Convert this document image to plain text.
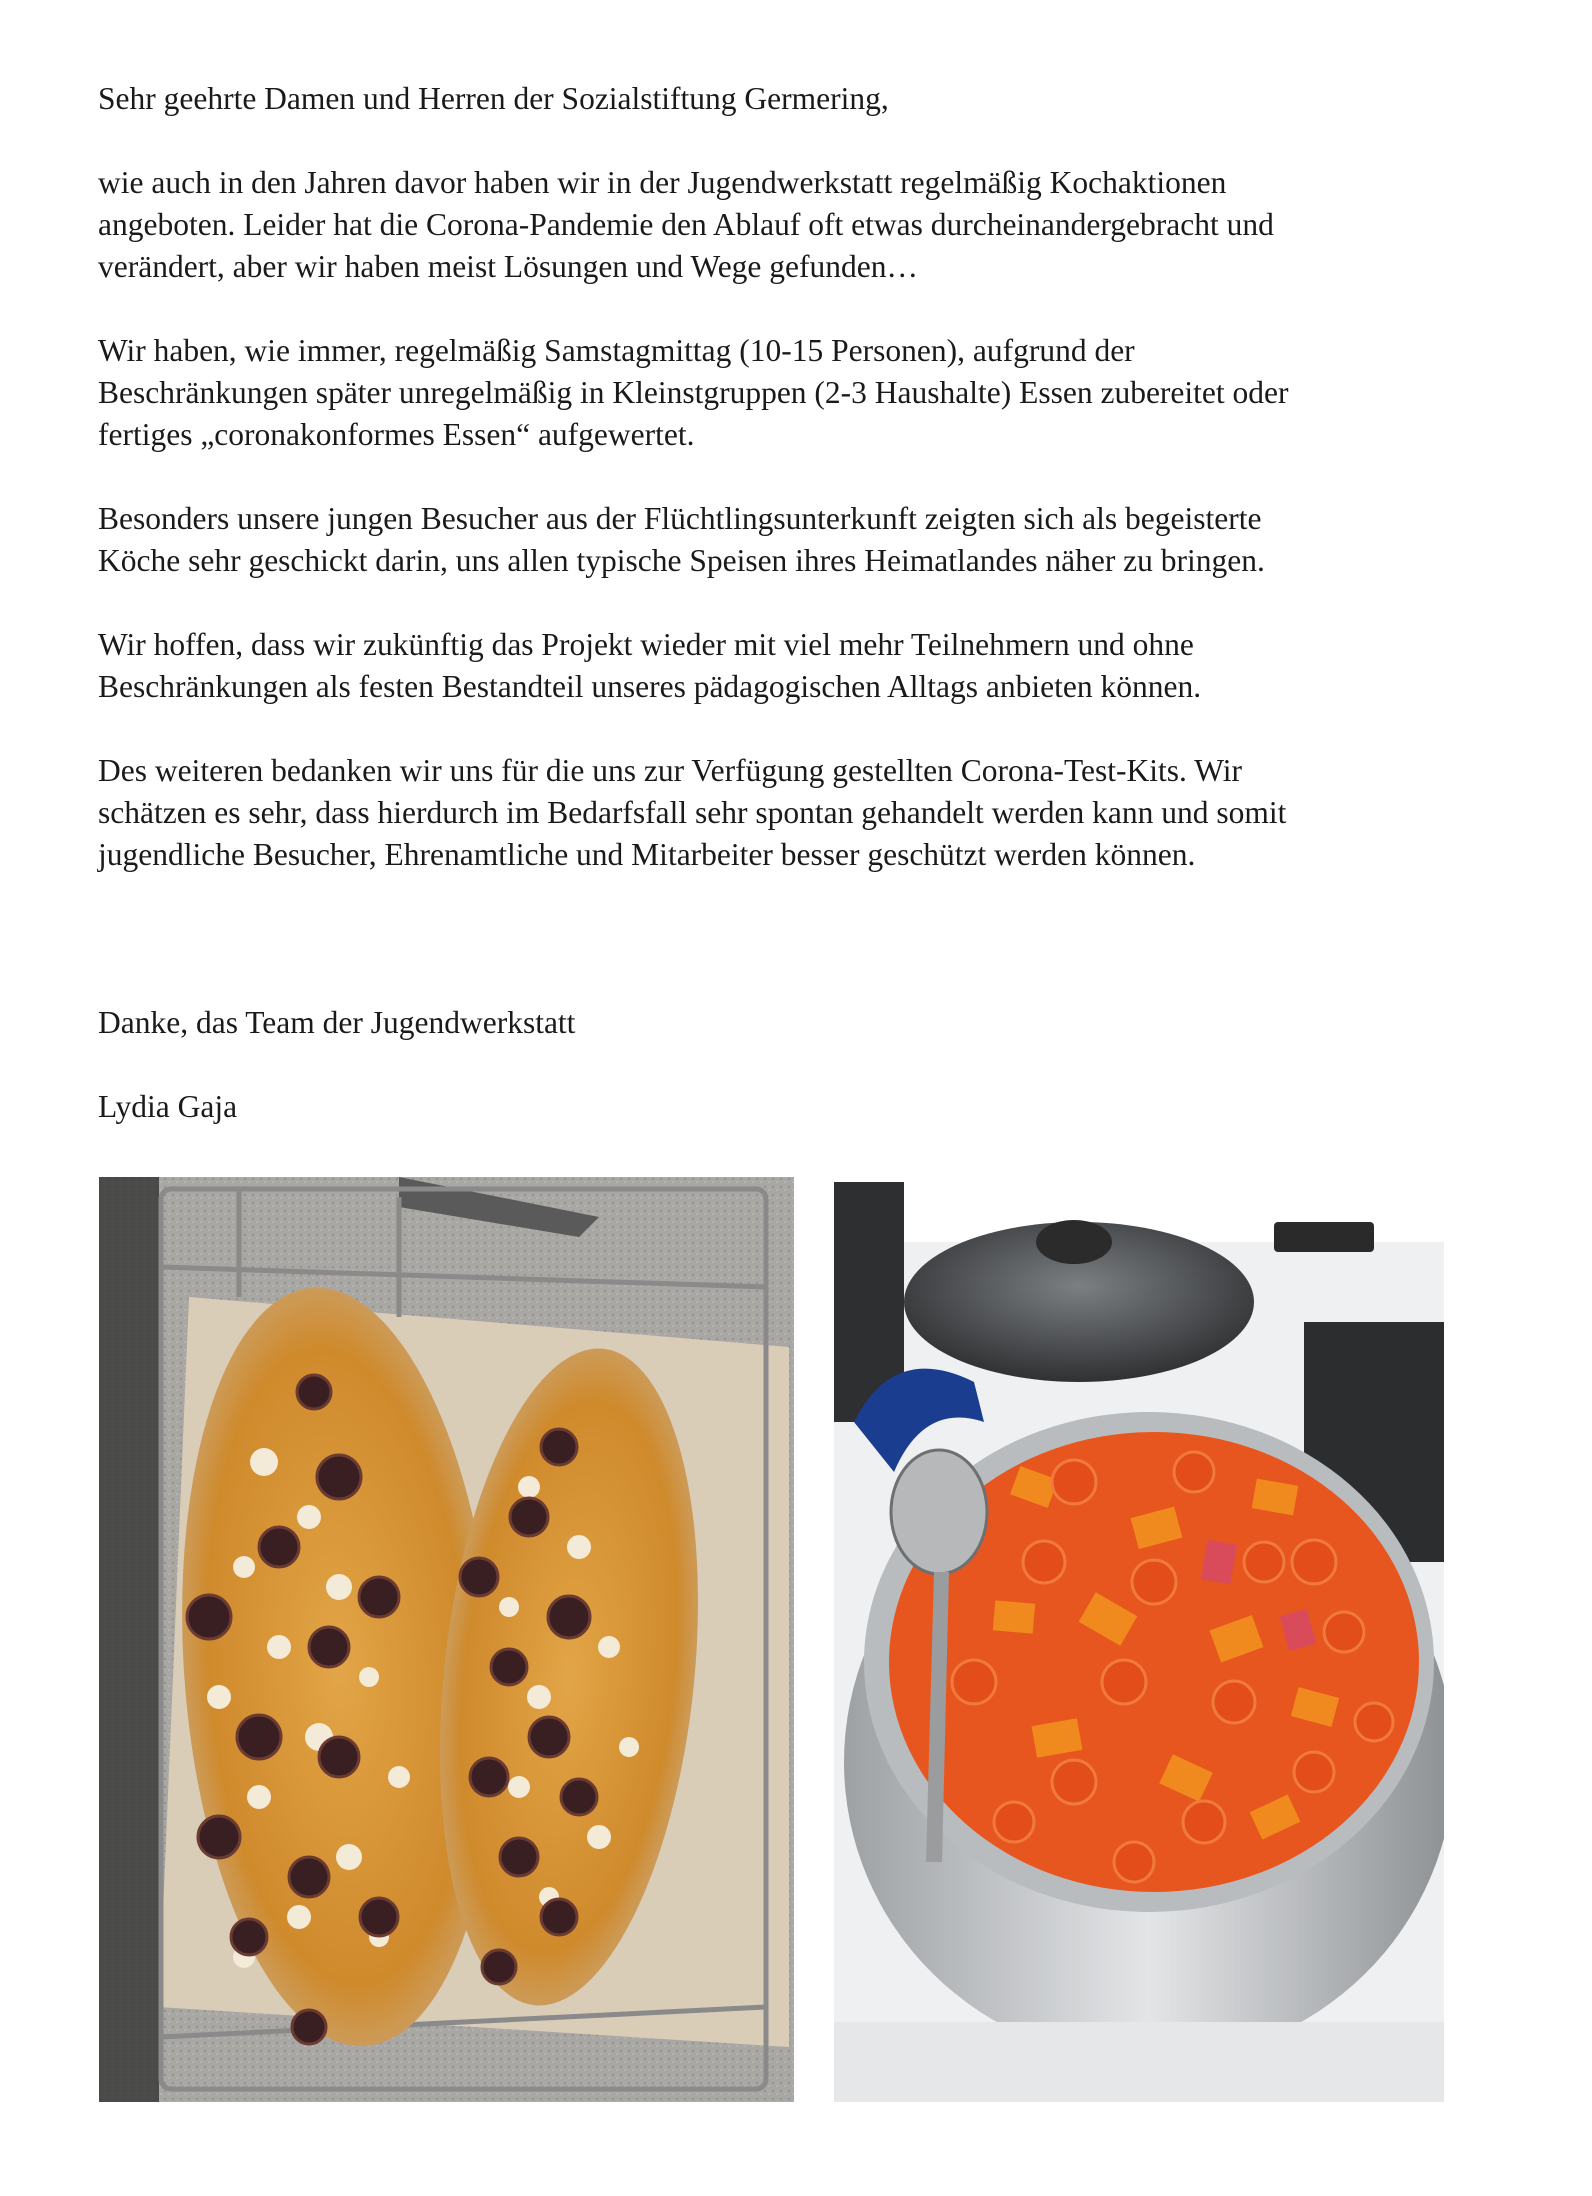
Sehr geehrte Damen und Herren der Sozialstiftung Germering,

wie auch in den Jahren davor haben wir in der Jugendwerkstatt regelmäßig Kochaktionen
angeboten. Leider hat die Corona-Pandemie den Ablauf oft etwas durcheinandergebracht und
verändert, aber wir haben meist Lösungen und Wege gefunden…

Wir haben, wie immer, regelmäßig Samstagmittag (10-15 Personen), aufgrund der
Beschränkungen später unregelmäßig in Kleinstgruppen (2-3 Haushalte) Essen zubereitet oder
fertiges „coronakonformes Essen“ aufgewertet.

Besonders unsere jungen Besucher aus der Flüchtlingsunterkunft zeigten sich als begeisterte
Köche sehr geschickt darin, uns allen typische Speisen ihres Heimatlandes näher zu bringen.

Wir hoffen, dass wir zukünftig das Projekt wieder mit viel mehr Teilnehmern und ohne
Beschränkungen als festen Bestandteil unseres pädagogischen Alltags anbieten können.

Des weiteren bedanken wir uns für die uns zur Verfügung gestellten Corona-Test-Kits. Wir
schätzen es sehr, dass hierdurch im Bedarfsfall sehr spontan gehandelt werden kann und somit
jugendliche Besucher, Ehrenamtliche und Mitarbeiter besser geschützt werden können.

Danke, das Team der Jugendwerkstatt

Lydia Gaja
